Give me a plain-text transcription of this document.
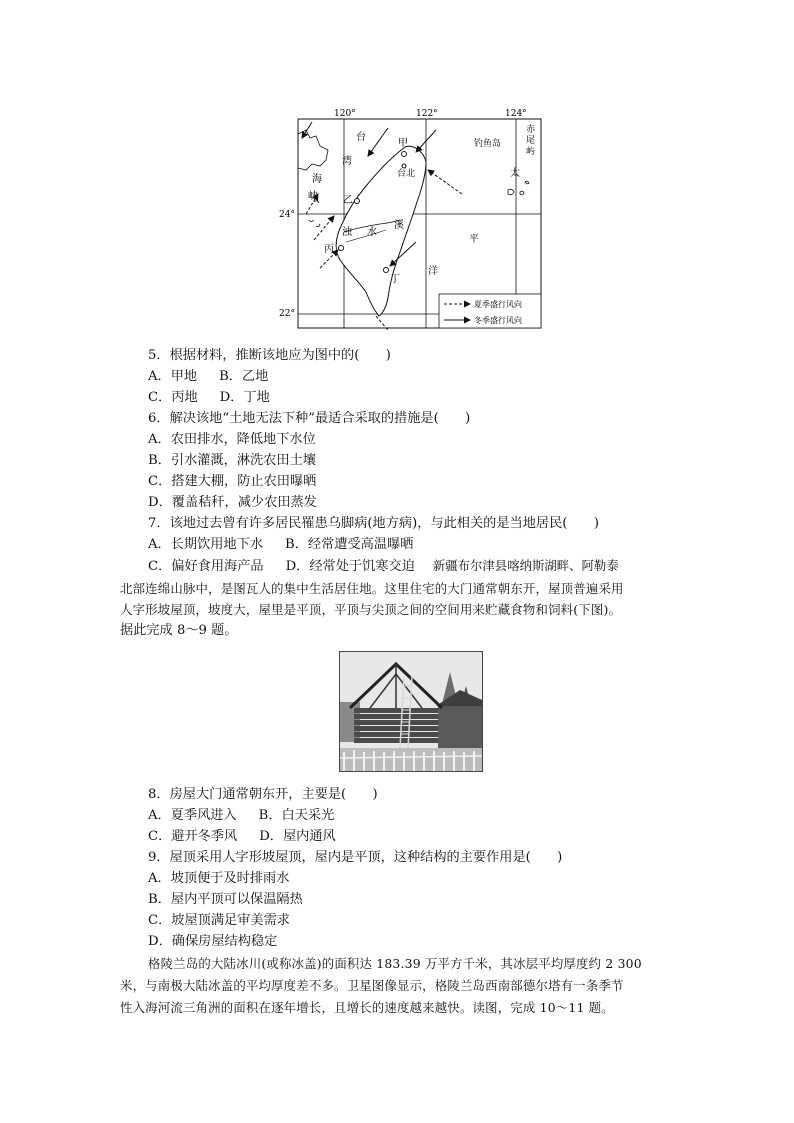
120°	122°	124°
24°
22°
台
湾
海
峡
甲
台北
乙
丙
丁
浊 水
溪
钓鱼岛
赤
尾
屿
太
平
洋
夏季盛行风向
冬季盛行风向
5．根据材料，推断该地应为图中的(　　)
A．甲地 B．乙地
C．丙地 D．丁地
6．解决该地“土地无法下种”最适合采取的措施是(　　)
A．农田排水，降低地下水位
B．引水灌溉，淋洗农田土壤
C．搭建大棚，防止农田曝晒
D．覆盖秸秆，减少农田蒸发
7．该地过去曾有许多居民罹患乌脚病(地方病)，与此相关的是当地居民(　　)
A．长期饮用地下水 B．经常遭受高温曝晒
C．偏好食用海产品 D．经常处于饥寒交迫 新疆布尔津县喀纳斯湖畔、阿勒泰
北部连绵山脉中，是图瓦人的集中生活居住地。这里住宅的大门通常朝东开，屋顶普遍采用
人字形坡屋顶，坡度大，屋里是平顶，平顶与尖顶之间的空间用来贮藏食物和饲料(下图)。
据此完成 8～9 题。
8．房屋大门通常朝东开，主要是(　　)
A．夏季风进入 B．白天采光
C．避开冬季风 D．屋内通风
9．屋顶采用人字形坡屋顶，屋内是平顶，这种结构的主要作用是(　　)
A．坡顶便于及时排雨水
B．屋内平顶可以保温隔热
C．坡屋顶满足审美需求
D．确保房屋结构稳定
格陵兰岛的大陆冰川(或称冰盖)的面积达 183.39 万平方千米，其冰层平均厚度约 2 300
米，与南极大陆冰盖的平均厚度差不多。卫星图像显示，格陵兰岛西南部德尔塔有一条季节
性入海河流三角洲的面积在逐年增长，且增长的速度越来越快。读图，完成 10～11 题。
